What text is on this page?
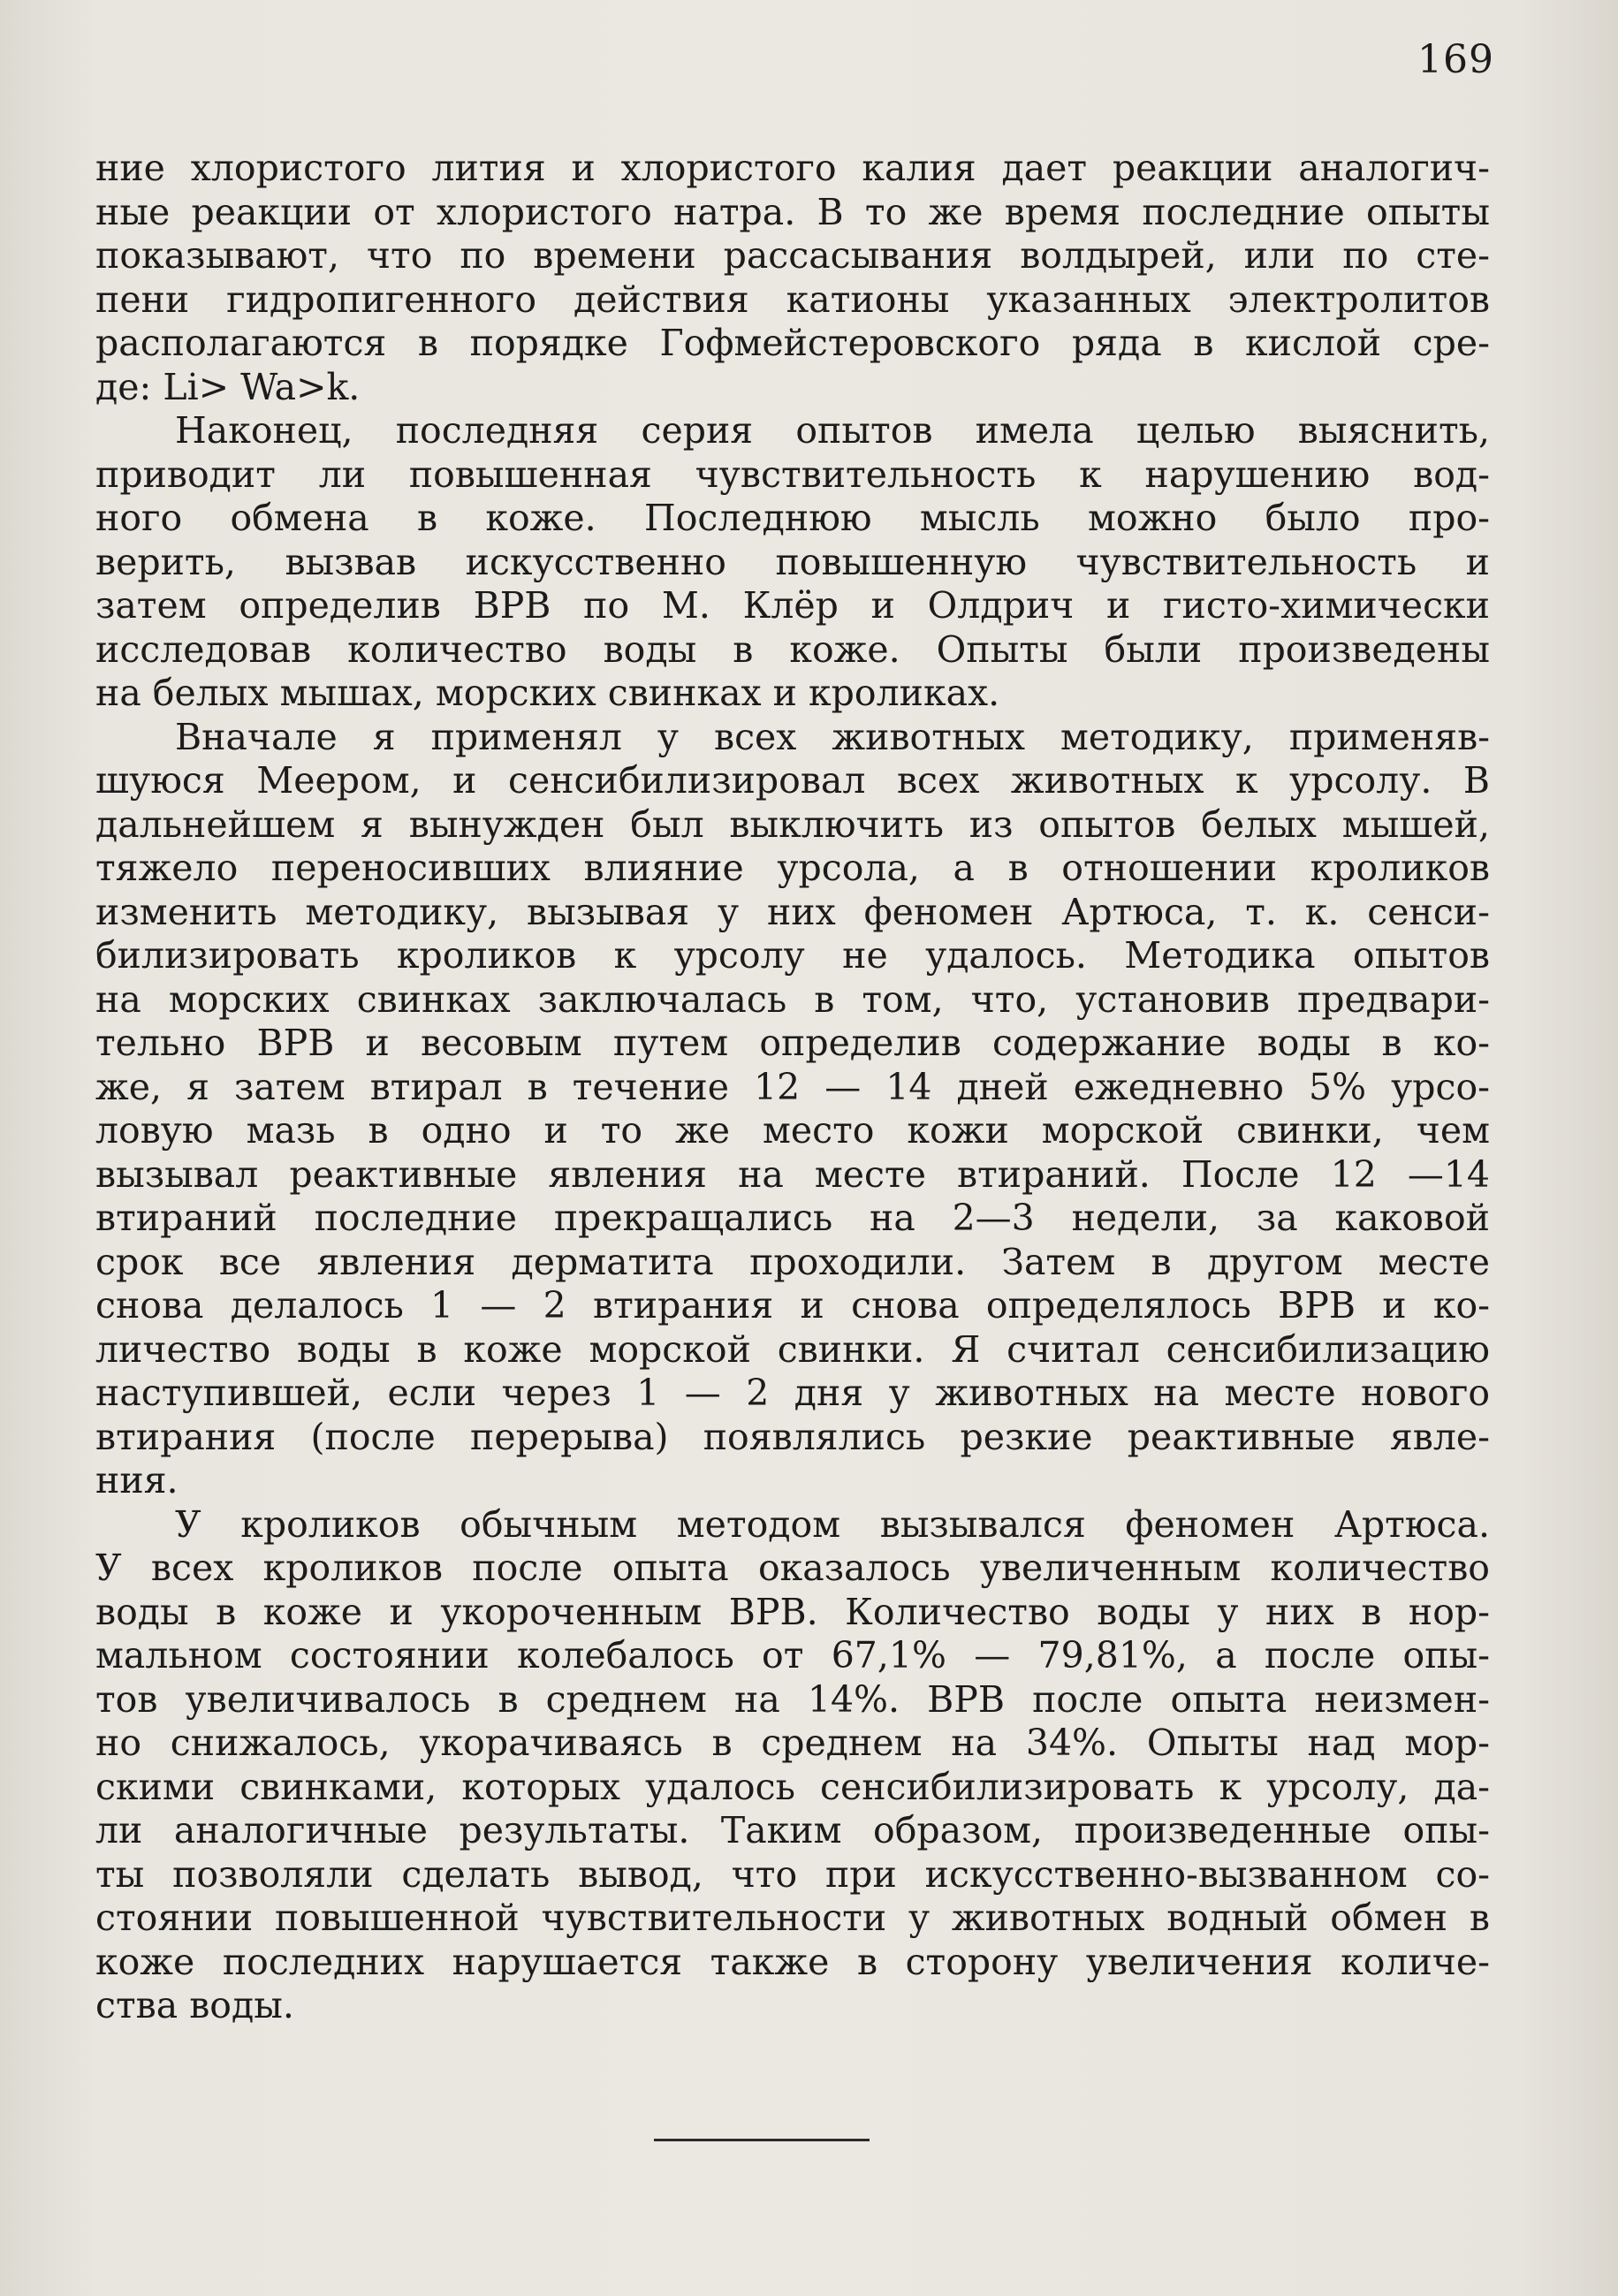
169
ние хлористого лития и хлористого калия дает реакции аналогич-
ные реакции от хлористого натра. В то же время последние опыты
показывают, что по времени рассасывания волдырей, или по сте-
пени гидропигенного действия катионы указанных электролитов
располагаются в порядке Гофмейстеровского ряда в кислой сре-
де: Li> Wa>k.
Наконец, последняя серия опытов имела целью выяснить,
приводит ли повышенная чувствительность к нарушению вод-
ного обмена в коже. Последнюю мысль можно было про-
верить, вызвав искусственно повышенную чувствительность и
затем определив ВРВ по М. Клёр и Олдрич и гисто-химически
исследовав количество воды в коже. Опыты были произведены
на белых мышах, морских свинках и кроликах.
Вначале я применял у всех животных методику, применяв-
шуюся Меером, и сенсибилизировал всех животных к урсолу. В
дальнейшем я вынужден был выключить из опытов белых мышей,
тяжело переносивших влияние урсола, а в отношении кроликов
изменить методику, вызывая у них феномен Артюса, т. к. сенси-
билизировать кроликов к урсолу не удалось. Методика опытов
на морских свинках заключалась в том, что, установив предвари-
тельно ВРВ и весовым путем определив содержание воды в ко-
же, я затем втирал в течение 12 — 14 дней ежедневно 5% урсо-
ловую мазь в одно и то же место кожи морской свинки, чем
вызывал реактивные явления на месте втираний. После 12 —14
втираний последние прекращались на 2—3 недели, за каковой
срок все явления дерматита проходили. Затем в другом месте
снова делалось 1 — 2 втирания и снова определялось ВРВ и ко-
личество воды в коже морской свинки. Я считал сенсибилизацию
наступившей, если через 1 — 2 дня у животных на месте нового
втирания (после перерыва) появлялись резкие реактивные явле-
ния.
У кроликов обычным методом вызывался феномен Артюса.
У всех кроликов после опыта оказалось увеличенным количество
воды в коже и укороченным ВРВ. Количество воды у них в нор-
мальном состоянии колебалось от 67,1% — 79,81%, а после опы-
тов увеличивалось в среднем на 14%. ВРВ после опыта неизмен-
но снижалось, укорачиваясь в среднем на 34%. Опыты над мор-
скими свинками, которых удалось сенсибилизировать к урсолу, да-
ли аналогичные результаты. Таким образом, произведенные опы-
ты позволяли сделать вывод, что при искусственно-вызванном со-
стоянии повышенной чувствительности у животных водный обмен в
коже последних нарушается также в сторону увеличения количе-
ства воды.
